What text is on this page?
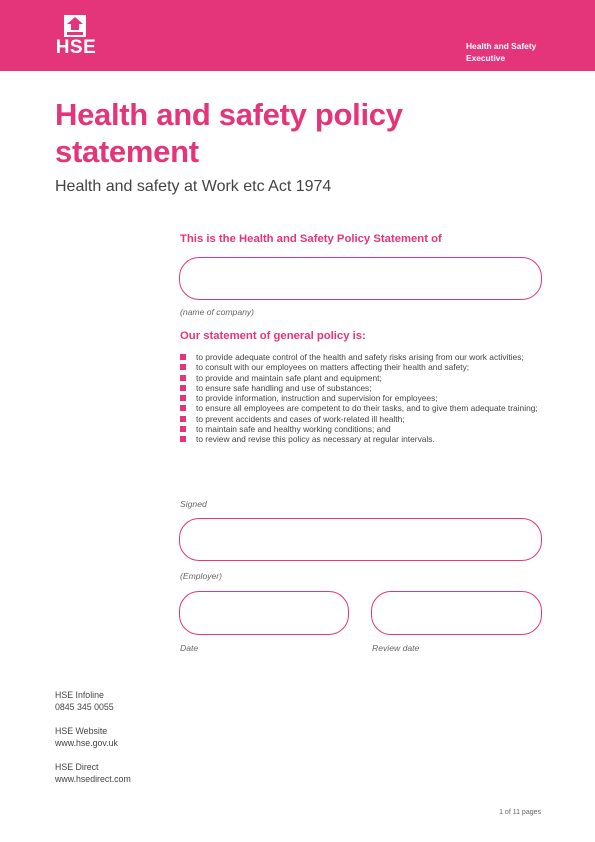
HSE	Health and Safety
Executive
Health and safety policy
statement

Health and safety at Work etc Act 1974

This is the Health and Safety Policy Statement of

(name of company)

Our statement of general policy is:

to provide adequate control of the health and safety risks arising from our work activities;
to consult with our employees on matters affecting their health and safety;
to provide and maintain safe plant and equipment;
to ensure safe handling and use of substances;
to provide information, instruction and supervision for employees;
to ensure all employees are competent to do their tasks, and to give them adequate training;
to prevent accidents and cases of work-related ill health;
to maintain safe and healthy working conditions; and
to review and revise this policy as necessary at regular intervals.
Signed
(Employer)
Date	Review date
HSE Infoline
0845 345 0055
HSE Website
www.hse.gov.uk
HSE Direct
www.hsedirect.com
1 of 11 pages
